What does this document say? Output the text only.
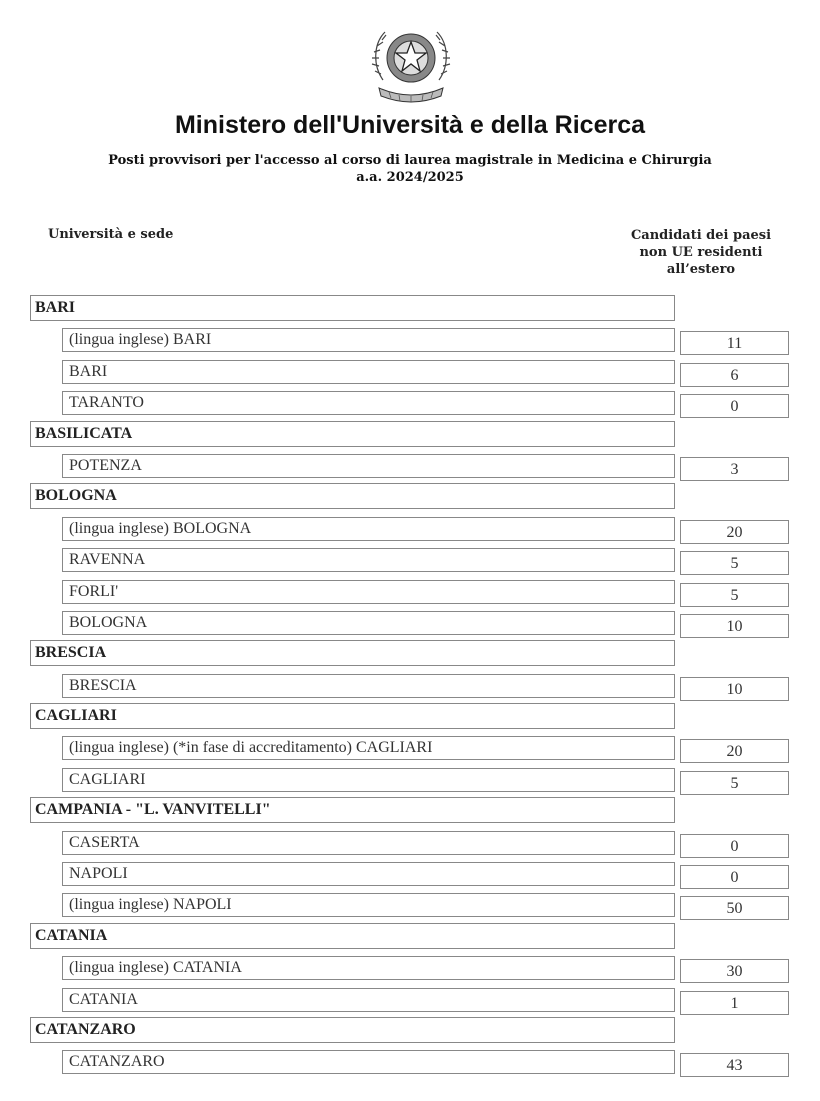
Ministero dell'Università e della Ricerca
Posti provvisori per l'accesso al corso di laurea magistrale in Medicina e Chirurgia
a.a. 2024/2025
Università e sede	Candidati dei paesi
non UE residenti
all’estero
BARI
(lingua inglese) BARI	11
BARI	6
TARANTO	0
BASILICATA
POTENZA	3
BOLOGNA
(lingua inglese) BOLOGNA	20
RAVENNA	5
FORLI'	5
BOLOGNA	10
BRESCIA
BRESCIA	10
CAGLIARI
(lingua inglese) (*in fase di accreditamento) CAGLIARI	20
CAGLIARI	5
CAMPANIA - "L. VANVITELLI"
CASERTA	0
NAPOLI	0
(lingua inglese) NAPOLI	50
CATANIA
(lingua inglese) CATANIA	30
CATANIA	1
CATANZARO
CATANZARO	43
